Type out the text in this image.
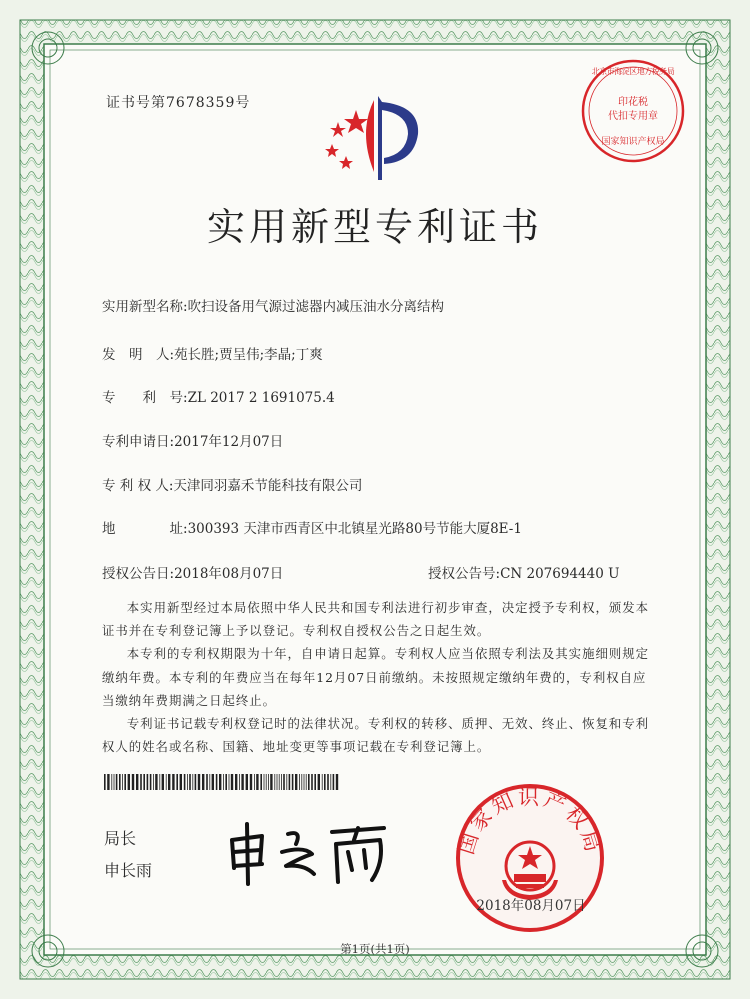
证书号第7678359号
北京市海淀区地方税务局
印花税
代扣专用章
国家知识产权局
实用新型专利证书
实用新型名称:吹扫设备用气源过滤器内减压油水分离结构
发　明　人:苑长胜;贾呈伟;李晶;丁爽
专　　利　号:ZL 2017 2 1691075.4
专利申请日:2017年12月07日
专 利 权 人:天津同羽嘉禾节能科技有限公司
地　　　　址:300393 天津市西青区中北镇星光路80号节能大厦8E-1
授权公告日:2018年08月07日	授权公告号:CN 207694440 U

本实用新型经过本局依照中华人民共和国专利法进行初步审查，决定授予专利权，颁发本证书并在专利登记簿上予以登记。专利权自授权公告之日起生效。

本专利的专利权期限为十年，自申请日起算。专利权人应当依照专利法及其实施细则规定缴纳年费。本专利的年费应当在每年12月07日前缴纳。未按照规定缴纳年费的，专利权自应当缴纳年费期满之日起终止。

专利证书记载专利权登记时的法律状况。专利权的转移、质押、无效、终止、恢复和专利权人的姓名或名称、国籍、地址变更等事项记载在专利登记簿上。

局长
申长雨
国家知识产权局
2018年08月07日
第1页(共1页)
